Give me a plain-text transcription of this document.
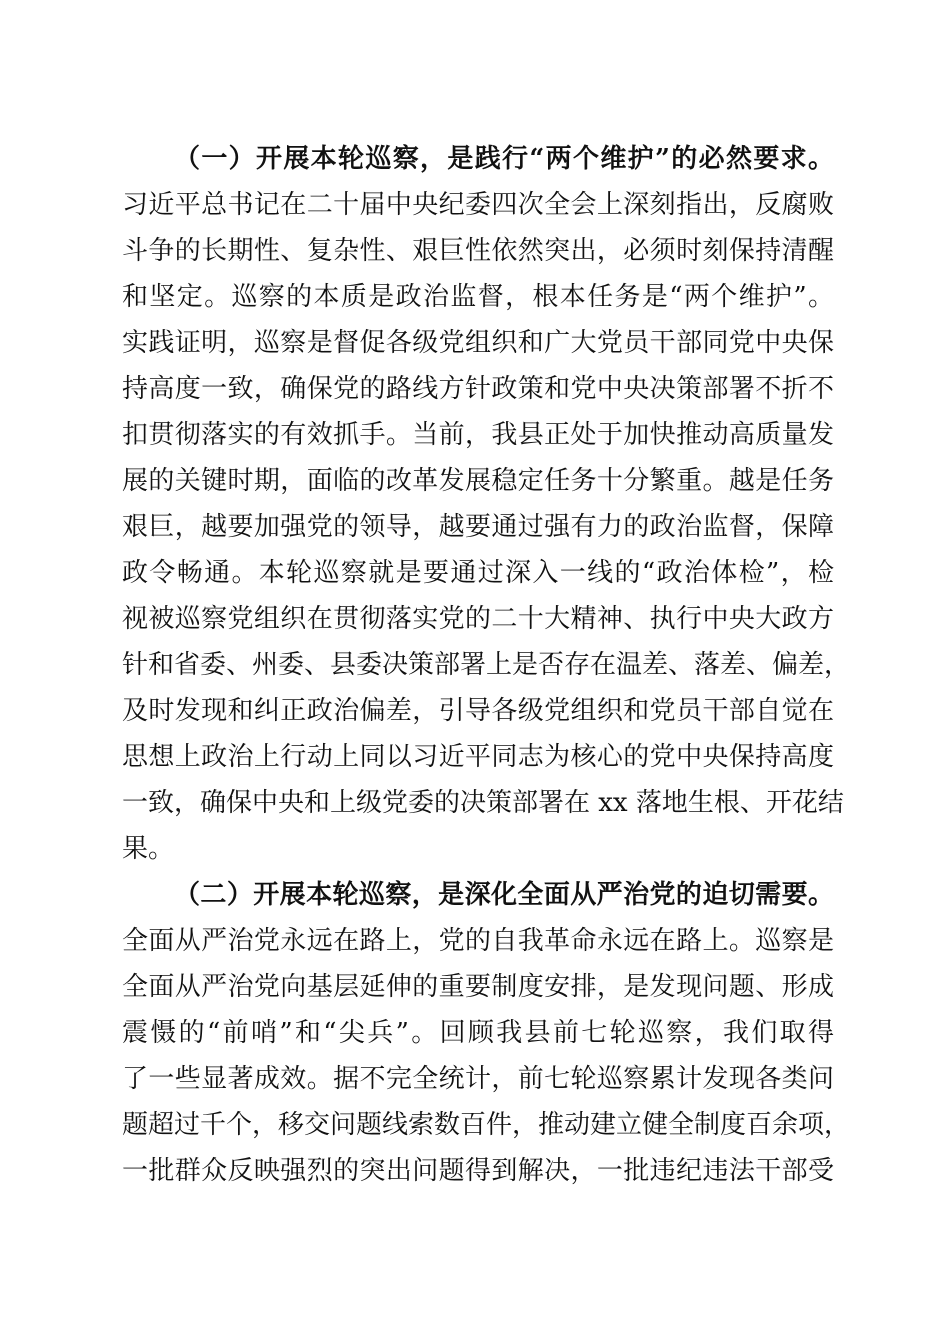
（一）开展本轮巡察，是践行“两个维护”的必然要求。
习近平总书记在二十届中央纪委四次全会上深刻指出，反腐败
斗争的长期性、复杂性、艰巨性依然突出，必须时刻保持清醒
和坚定。巡察的本质是政治监督，根本任务是“两个维护”。
实践证明，巡察是督促各级党组织和广大党员干部同党中央保
持高度一致，确保党的路线方针政策和党中央决策部署不折不
扣贯彻落实的有效抓手。当前，我县正处于加快推动高质量发
展的关键时期，面临的改革发展稳定任务十分繁重。越是任务
艰巨，越要加强党的领导，越要通过强有力的政治监督，保障
政令畅通。本轮巡察就是要通过深入一线的“政治体检”，检
视被巡察党组织在贯彻落实党的二十大精神、执行中央大政方
针和省委、州委、县委决策部署上是否存在温差、落差、偏差，
及时发现和纠正政治偏差，引导各级党组织和党员干部自觉在
思想上政治上行动上同以习近平同志为核心的党中央保持高度
一致，确保中央和上级党委的决策部署在 xx 落地生根、开花结
果。
（二）开展本轮巡察，是深化全面从严治党的迫切需要。
全面从严治党永远在路上，党的自我革命永远在路上。巡察是
全面从严治党向基层延伸的重要制度安排，是发现问题、形成
震慑的“前哨”和“尖兵”。回顾我县前七轮巡察，我们取得
了一些显著成效。据不完全统计，前七轮巡察累计发现各类问
题超过千个，移交问题线索数百件，推动建立健全制度百余项，
一批群众反映强烈的突出问题得到解决，一批违纪违法干部受
